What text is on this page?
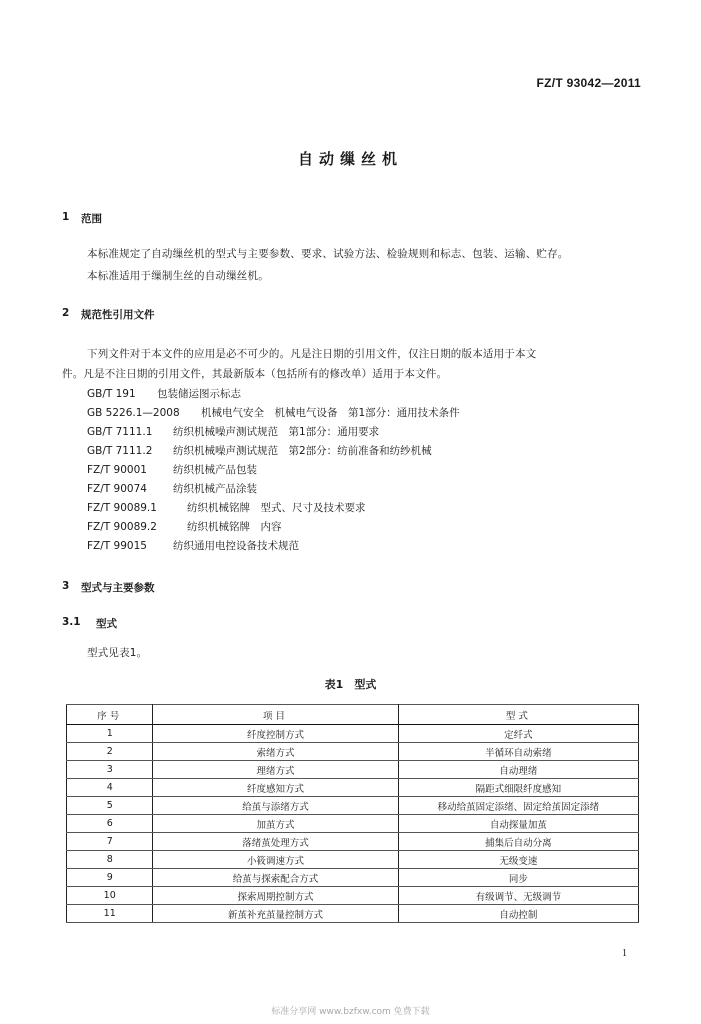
FZ/T 93042—2011
自动缫丝机
1 范围
本标准规定了自动缫丝机的型式与主要参数、要求、试验方法、检验规则和标志、包装、运输、贮存。
本标准适用于缫制生丝的自动缫丝机。
2 规范性引用文件
下列文件对于本文件的应用是必不可少的。凡是注日期的引用文件，仅注日期的版本适用于本文
件。凡是不注日期的引用文件，其最新版本（包括所有的修改单）适用于本文件。
GB/T 191 包装储运图示标志
GB 5226.1—2008 机械电气安全　机械电气设备　第1部分：通用技术条件
GB/T 7111.1 纺织机械噪声测试规范　第1部分：通用要求
GB/T 7111.2 纺织机械噪声测试规范　第2部分：纺前准备和纺纱机械
FZ/T 90001 纺织机械产品包装
FZ/T 90074 纺织机械产品涂装
FZ/T 90089.1	纺织机械铭牌　型式、尺寸及技术要求
FZ/T 90089.2	纺织机械铭牌　内容
FZ/T 99015 纺织通用电控设备技术规范
3 型式与主要参数
3.1 型式
型式见表1。
表1　型式
序号	项目	型式
1	纤度控制方式	定纤式
2	索绪方式	半循环自动索绪
3	理绪方式	自动理绪
4	纤度感知方式	隔距式细限纤度感知
5	给茧与添绪方式	移动给茧固定添绪、固定给茧固定添绪
6	加茧方式	自动探量加茧
7	落绪茧处理方式	捕集后自动分离
8	小筱调速方式	无级变速
9	给茧与探索配合方式	同步
10	探索周期控制方式	有级调节、无级调节
11	新茧补充茧量控制方式	自动控制
1
标准分享网 www.bzfxw.com 免费下载
